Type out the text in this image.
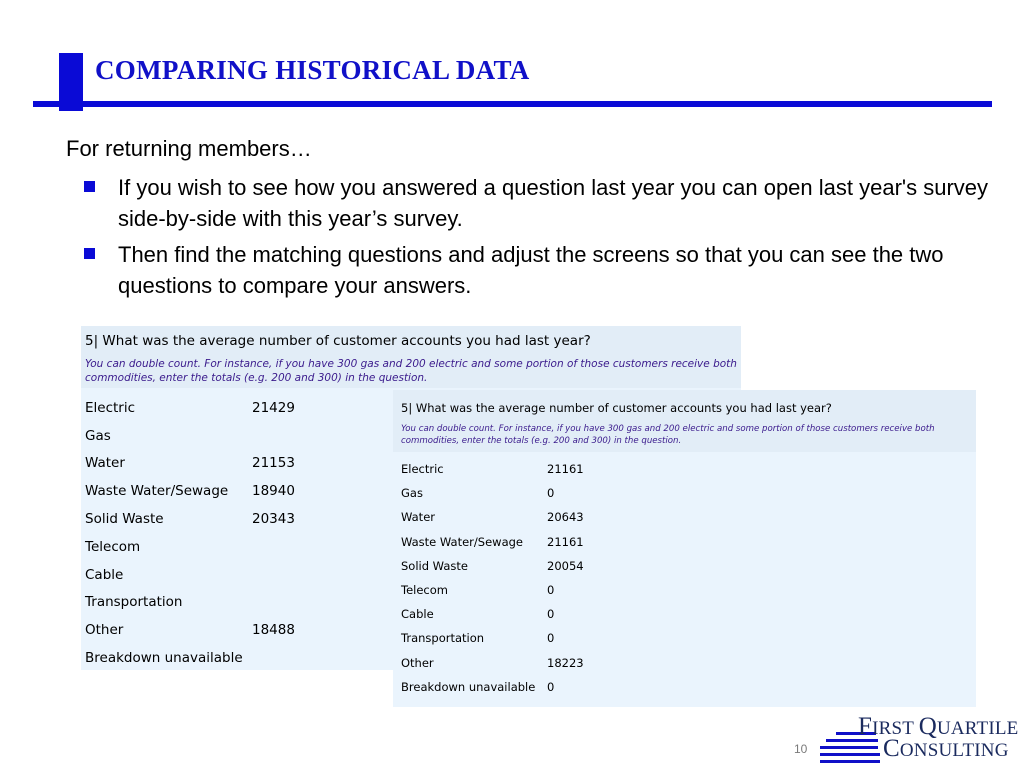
COMPARING HISTORICAL DATA
For returning members…
If you wish to see how you answered a question last year you can open last year's survey side-by-side with this year’s survey.
Then find the matching questions and adjust the screens so that you can see the two questions to compare your answers.
5| What was the average number of customer accounts you had last year?
You can double count. For instance, if you have 300 gas and 200 electric and some portion of those customers receive both commodities, enter the totals (e.g. 200 and 300) in the question.
Electric	21429
Gas	
Water	21153
Waste Water/Sewage	18940
Solid Waste	20343
Telecom	
Cable	
Transportation	
Other	18488
Breakdown unavailable	
5| What was the average number of customer accounts you had last year?
You can double count. For instance, if you have 300 gas and 200 electric and some portion of those customers receive both commodities, enter the totals (e.g. 200 and 300) in the question.
Electric	21161
Gas	0
Water	20643
Waste Water/Sewage	21161
Solid Waste	20054
Telecom	0
Cable	0
Transportation	0
Other	18223
Breakdown unavailable	0
10
FIRST QUARTILE
CONSULTING
